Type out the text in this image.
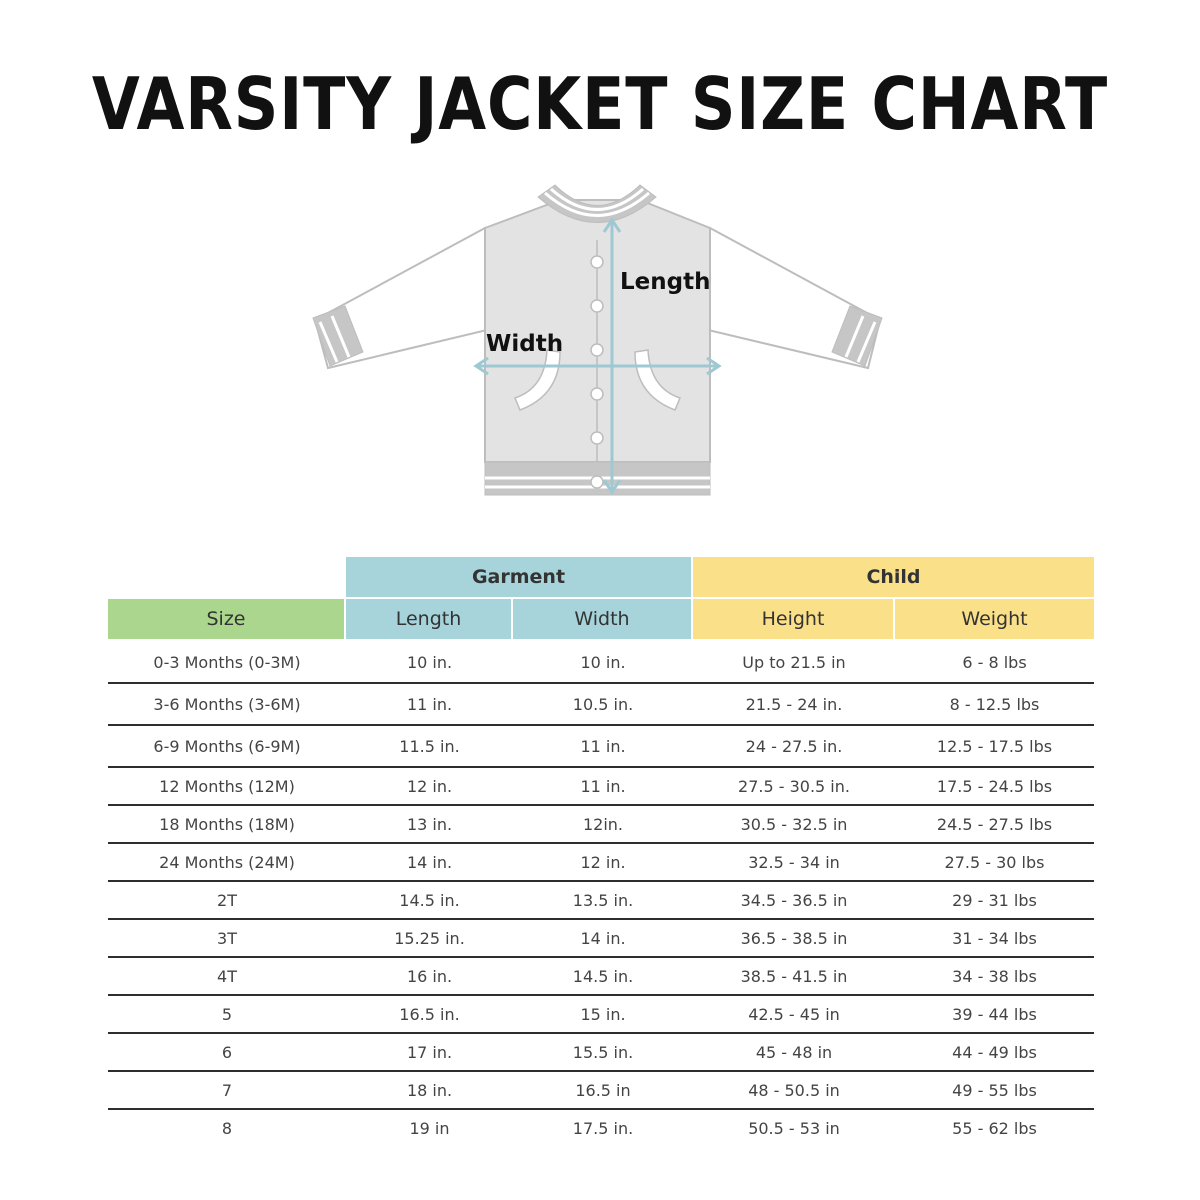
VARSITY JACKET SIZE CHART
Length
Width
Garment	Child
Size	Length	Width	Height	Weight
0-3 Months (0-3M)	10 in.	10 in.	Up to 21.5 in	6 - 8 lbs
3-6 Months (3-6M)	11 in.	10.5 in.	21.5 - 24 in.	8 - 12.5 lbs
6-9 Months (6-9M)	11.5 in.	11 in.	24 - 27.5 in.	12.5 - 17.5 lbs
12 Months (12M)	12 in.	11 in.	27.5 - 30.5 in.	17.5 - 24.5 lbs
18 Months (18M)	13 in.	12in.	30.5 - 32.5 in	24.5 - 27.5 lbs
24 Months (24M)	14 in.	12 in.	32.5 - 34 in	27.5 - 30 lbs
2T	14.5 in.	13.5 in.	34.5 - 36.5 in	29 - 31 lbs
3T	15.25 in.	14 in.	36.5 - 38.5 in	31 - 34 lbs
4T	16 in.	14.5 in.	38.5 - 41.5 in	34 - 38 lbs
5	16.5 in.	15 in.	42.5 - 45 in	39 - 44 lbs
6	17 in.	15.5 in.	45 - 48 in	44 - 49 lbs
7	18 in.	16.5 in	48 - 50.5 in	49 - 55 lbs
8	19 in	17.5 in.	50.5 - 53 in	55 - 62 lbs
